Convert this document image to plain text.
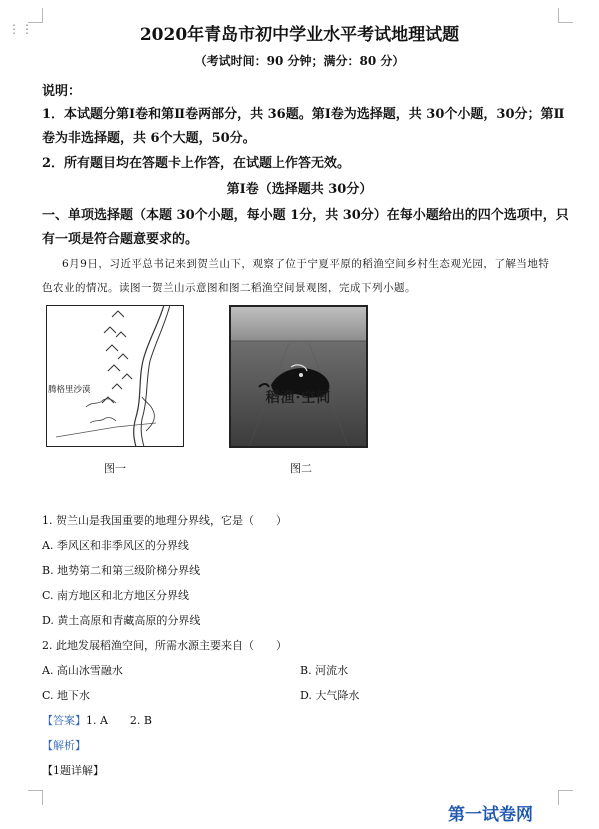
⋮⋮	2020年青岛市初中学业水平考试地理试题
（考试时间：90 分钟；满分：80 分）
说明：
1．本试题分第Ⅰ卷和第Ⅱ卷两部分，共 36题。第Ⅰ卷为选择题，共 30个小题，30分；第Ⅱ
卷为非选择题，共 6个大题，50分。
2．所有题目均在答题卡上作答，在试题上作答无效。
第Ⅰ卷（选择题共 30分）
一、单项选择题（本题 30个小题，每小题 1分，共 30分）在每小题给出的四个选项中，只
有一项是符合题意要求的。
6月9日，习近平总书记来到贺兰山下，观察了位于宁夏平原的稻渔空间乡村生态观光园，了解当地特
色农业的情况。读图一贺兰山示意图和图二稻渔空间景观图，完成下列小题。
腾格里沙漠
图一
稻渔·空间
图二
1. 贺兰山是我国重要的地理分界线，它是（　　）
A. 季风区和非季风区的分界线
B. 地势第二和第三级阶梯分界线
C. 南方地区和北方地区分界线
D. 黄土高原和青藏高原的分界线
2. 此地发展稻渔空间，所需水源主要来自（　　）
A. 高山冰雪融水	B. 河流水
C. 地下水	D. 大气降水
【答案】1. A　　2. B
【解析】
【1题详解】
第一试卷网
